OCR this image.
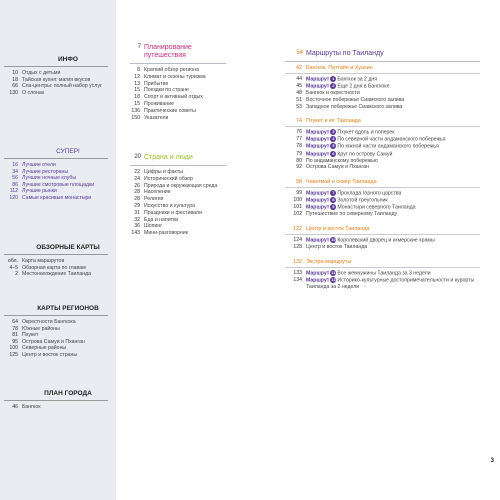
ИНФО
10 Отдых с детьми
18 Тайская кухня: магия вкусов
66 Спа-центры: полный набор услуг
130 О слонах
СУПЕР!
16 Лучшие отели
34 Лучшие рестораны
56 Лучшие ночные клубы
86 Лучшие смотровые площадки
112 Лучшие рынки
120 Самые красивые монастыри
ОБЗОРНЫЕ КАРТЫ
обл. Карта маршрутов
4–5 Обзорная карта по главам
2 Местонахождение Таиланда
КАРТЫ РЕГИОНОВ
64 Окрестности Бангкока
78 Южные районы
81 Пхукет
95 Острова Самуи и Пханган
100 Северные районы
125 Центр и восток страны
ПЛАН ГОРОДА
46 Бангкок
7 Планирование путешествия
8 Краткий обзор региона
12 Климат и сезоны туризма
13 Прибытие
15 Поездки по стране
18 Спорт и активный отдых
15 Проживание
136 Практические советы
150 Указатели
20 Страна и люди
22 Цифры и факты
24 Исторический обзор
26 Природа и окружающая среда
28 Население
28 Религия
29 Искусство и культура
31 Праздники и фестивали
32 Еда и напитки
36 Шопинг
143 Мини-разговорник
54 Маршруты по Таиланду
42 Бангкок, Паттайя и Хуахин
44 Маршрут 1 Бангкок за 2 дня
45 Маршрут 2 Еще 2 дня в Бангкоке
48 Бангкок и окрестности
51 Восточное побережье Сиамского залива
53 Западное побережье Сиамского залива
74 Пхукет и юг Таиланда
76 Маршрут 3 Пхукет вдоль и поперек
77 Маршрут 4 По северной части андаманского побережья
78 Маршрут 5 По южной части андаманского побережья
79 Маршрут 6 Круг по острову Самуй
80 По андаманскому побережью
92 Острова Самуи и Пханган
98 Чиангмай и север Таиланда
99 Маршрут 7 Прохлада горного царства
100 Маршрут 8 Золотой треугольник
101 Маршрут 9 Монастыри северного Таиланда
102 Путешествие по северному Таиланду
122 Центр и восток Таиланда
124 Маршрут 10 Королевский дворец и кхмерские храмы
128 Центр и восток Таиланда
132 Экстра-маршруты
133 Маршрут 11 Все жемчужины Таиланда за 3 недели
134 Маршрут 12 Историко-культурные достопримечательности и курорты Таиланда за 2 недели
3
